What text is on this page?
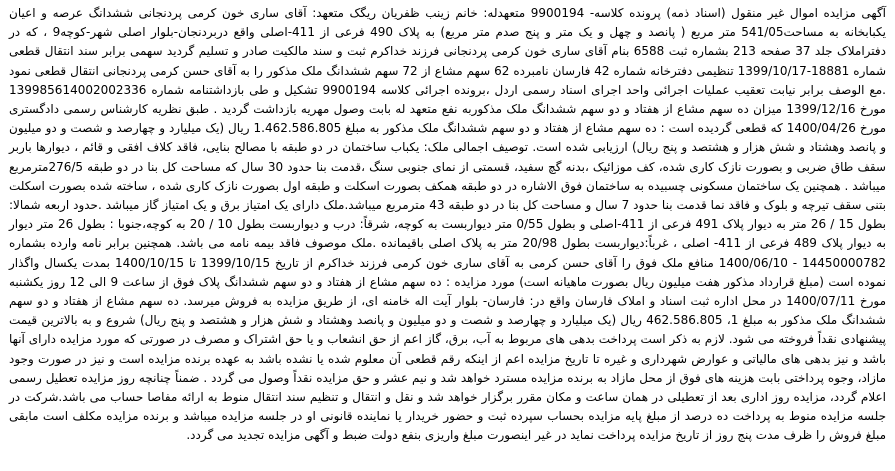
آگهی مزایده اموال غیر منقول (اسناد ذمه) پرونده کلاسه- 9900194 متعهدله: خانم زینب ظفریان ریگک متعهد: آقای ساری خون کرمی پردنجانی ششدانگ عرصه و اعیان یکبابخانه به مساحت541/05 متر مربع ( پانصد و چهل و یک متر و پنج صدم متر مربع) به پلاک 490 فرعی از 411-اصلی واقع دربردنجان-بلوار اصلی شهر-کوچه9 ، که در دفتراملاک جلد 37 صفحه 213 بشماره ثبت 6588 بنام آقای ساری خون کرمی پردنجانی فرزند خداکرم ثبت و سند مالکیت صادر و تسلیم گردید سهمی برابر سند انتقال قطعی شماره 18881-1399/10/17 تنظیمی دفترخانه شماره 42 فارسان نامبرده 62 سهم مشاع از 72 سهم ششدانگ ملک مذکور را به آقای حسن کرمی پردنجانی انتقال قطعی نمود .مع الوصف برابر نیابت تعقیب عملیات اجرائی واحد اجرای اسناد رسمی اردل ،برونده اجرائی کلاسه 9900194 تشکیل و طی بازداشتنامه شماره 139985614002002336 مورخ 1399/12/16 میزان ده سهم مشاع از هفتاد و دو سهم ششدانگ ملک مذکوربه نفع متعهد له بابت وصول مهریه بازداشت گردید . طبق نظریه کارشناس رسمی دادگستری مورخ 1400/04/26 که قطعی گردیده است : ده سهم مشاع از هفتاد و دو سهم ششدانگ ملک مذکور به مبلغ 1.462.586.805 ریال (یک میلیارد و چهارصد و شصت و دو میلیون و پانصد وهشتاد و شش هزار و هشتصد و پنج ریال) ارزیابی شده است. توصیف اجمالی ملک: یکباب ساختمان در دو طبقه با مصالح بنایی، فاقد کلاف افقی و قائم ، دیوارها باربر سقف طاق ضربی و بصورت نازک کاری شده، کف موزائیک ،بدنه گچ سفید، قسمتی از نمای جنوبی سنگ ،قدمت بنا حدود 30 سال که مساحت کل بنا در دو طبقه 276/5مترمربع میباشد . همچنین یک ساختمان مسکونی چسبیده به ساختمان فوق الاشاره در دو طبقه همکف بصورت اسکلت و طبقه اول بصورت نازک کاری شده ، ساخته شده بصورت اسکلت بتنی سقف تیرچه و بلوک و فاقد نما قدمت بنا حدود 7 سال و مساحت کل بنا در دو طبقه 43 مترمربع میباشد.ملک دارای یک امتیاز برق و یک امتیاز گاز میباشد .حدود اربعه شمالا: بطول 15 / 26 متر به دیوار پلاک 491 فرعی از 411-اصلی و بطول 0/55 متر دیواربست به کوچه، شرقاً: درب و دیواربست بطول 10 / 20 به کوچه،جنوبا : بطول 26 متر دیوار به دیوار پلاک 489 فرعی از 411- اصلی ، غرباً:دیواربست بطول 20/98 متر به پلاک اصلی باقیمانده .ملک موصوف فاقد بیمه نامه می باشد. همچنین برابر نامه وارده بشماره 14450000782 - 1400/06/10 منافع ملک فوق را آقای حسن کرمی به آقای ساری خون کرمی فرزند خداکرم از تاریخ 1399/10/15 تا 1400/10/15 بمدت یکسال واگذار نموده است (مبلغ قرارداد مذکور هفت میلیون ریال بصورت ماهیانه است) مورد مزایده : ده سهم مشاع از هفتاد و دو سهم ششدانگ پلاک فوق از ساعت 9 الی 12 روز یکشنبه مورخ 1400/07/11 در محل اداره ثبت اسناد و املاک فارسان واقع در: فارسان- بلوار آیت اله خامنه ای، از طریق مزایده به فروش میرسد. ده سهم مشاع از هفتاد و دو سهم ششدانگ ملک مذکور به مبلغ 1، 462.586.805 ریال (یک میلیارد و چهارصد و شصت و دو میلیون و پانصد وهشتاد و شش هزار و هشتصد و پنج ریال) شروع و به بالاترین قیمت پیشنهادی نقداً فروخته می شود. لازم به ذکر است پرداخت بدهی های مربوط به آب، برق، گاز اعم از حق انشعاب و یا حق اشتراک و مصرف در صورتی که مورد مزایده دارای آنها باشد و نیز بدهی های مالیاتی و عوارض شهرداری و غیره تا تاریخ مزایده اعم از اینکه رقم قطعی آن معلوم شده یا نشده باشد به عهده برنده مزایده است و نیز در صورت وجود مازاد، وجوه پرداختی بابت هزینه های فوق از محل مازاد به برنده مزایده مسترد خواهد شد و نیم عشر و حق مزایده نقداً وصول می گردد . ضمناً چنانچه روز مزایده تعطیل رسمی اعلام گردد، مزایده روز اداری بعد از تعطیلی در همان ساعت و مکان مقرر برگزار خواهد شد و نقل و انتقال و تنظیم سند انتقال منوط به ارائه مفاصا حساب می باشد.شرکت در جلسه مزایده منوط به پرداخت ده درصد از مبلغ پایه مزایده بحساب سپرده ثبت و حضور خریدار یا نماینده قانونی او در جلسه مزایده میباشد و برنده مزایده مکلف است مابقی مبلغ فروش را ظرف مدت پنج روز از تاریخ مزایده پرداخت نماید در غیر اینصورت مبلغ واریزی بنفع دولت ضبط و آگهی مزایده تجدید می گردد.
